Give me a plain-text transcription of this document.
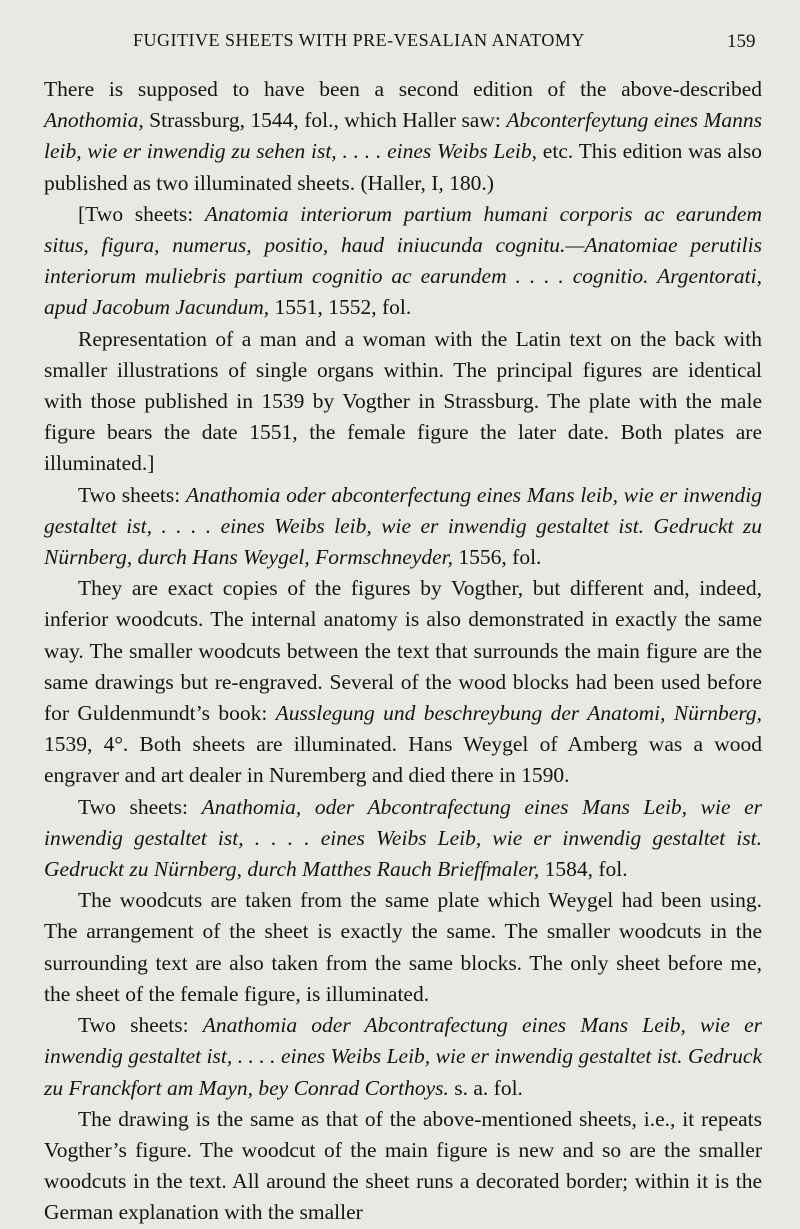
FUGITIVE SHEETS WITH PRE-VESALIAN ANATOMY	159

There is supposed to have been a second edition of the above-described Anothomia, Strassburg, 1544, fol., which Haller saw: Abconterfeytung eines Manns leib, wie er inwendig zu sehen ist, . . . . eines Weibs Leib, etc. This edition was also published as two illuminated sheets. (Haller, I, 180.)

[Two sheets: Anatomia interiorum partium humani corporis ac earundem situs, figura, numerus, positio, haud iniucunda cognitu.—Anatomiae perutilis interiorum muliebris partium cognitio ac earundem . . . . cognitio. Argentorati, apud Jacobum Jacundum, 1551, 1552, fol.

Representation of a man and a woman with the Latin text on the back with smaller illustrations of single organs within. The principal figures are identical with those published in 1539 by Vogther in Strassburg. The plate with the male figure bears the date 1551, the female figure the later date. Both plates are illuminated.]

Two sheets: Anathomia oder abconterfectung eines Mans leib, wie er inwendig gestaltet ist, . . . . eines Weibs leib, wie er inwendig gestaltet ist. Gedruckt zu Nürnberg, durch Hans Weygel, Formschneyder, 1556, fol.

They are exact copies of the figures by Vogther, but different and, indeed, inferior woodcuts. The internal anatomy is also demonstrated in exactly the same way. The smaller woodcuts between the text that surrounds the main figure are the same drawings but re-engraved. Several of the wood blocks had been used before for Guldenmundt’s book: Ausslegung und beschreybung der Anatomi, Nürnberg, 1539, 4°. Both sheets are illuminated. Hans Weygel of Amberg was a wood engraver and art dealer in Nuremberg and died there in 1590.

Two sheets: Anathomia, oder Abcontrafectung eines Mans Leib, wie er inwendig gestaltet ist, . . . . eines Weibs Leib, wie er inwendig gestaltet ist. Gedruckt zu Nürnberg, durch Matthes Rauch Brieffmaler, 1584, fol.

The woodcuts are taken from the same plate which Weygel had been using. The arrangement of the sheet is exactly the same. The smaller woodcuts in the surrounding text are also taken from the same blocks. The only sheet before me, the sheet of the female figure, is illuminated.

Two sheets: Anathomia oder Abcontrafectung eines Mans Leib, wie er inwendig gestaltet ist, . . . . eines Weibs Leib, wie er inwendig gestaltet ist. Gedruck zu Franckfort am Mayn, bey Conrad Corthoys. s. a. fol.

The drawing is the same as that of the above-mentioned sheets, i.e., it repeats Vogther’s figure. The woodcut of the main figure is new and so are the smaller woodcuts in the text. All around the sheet runs a decorated border; within it is the German explanation with the smaller
